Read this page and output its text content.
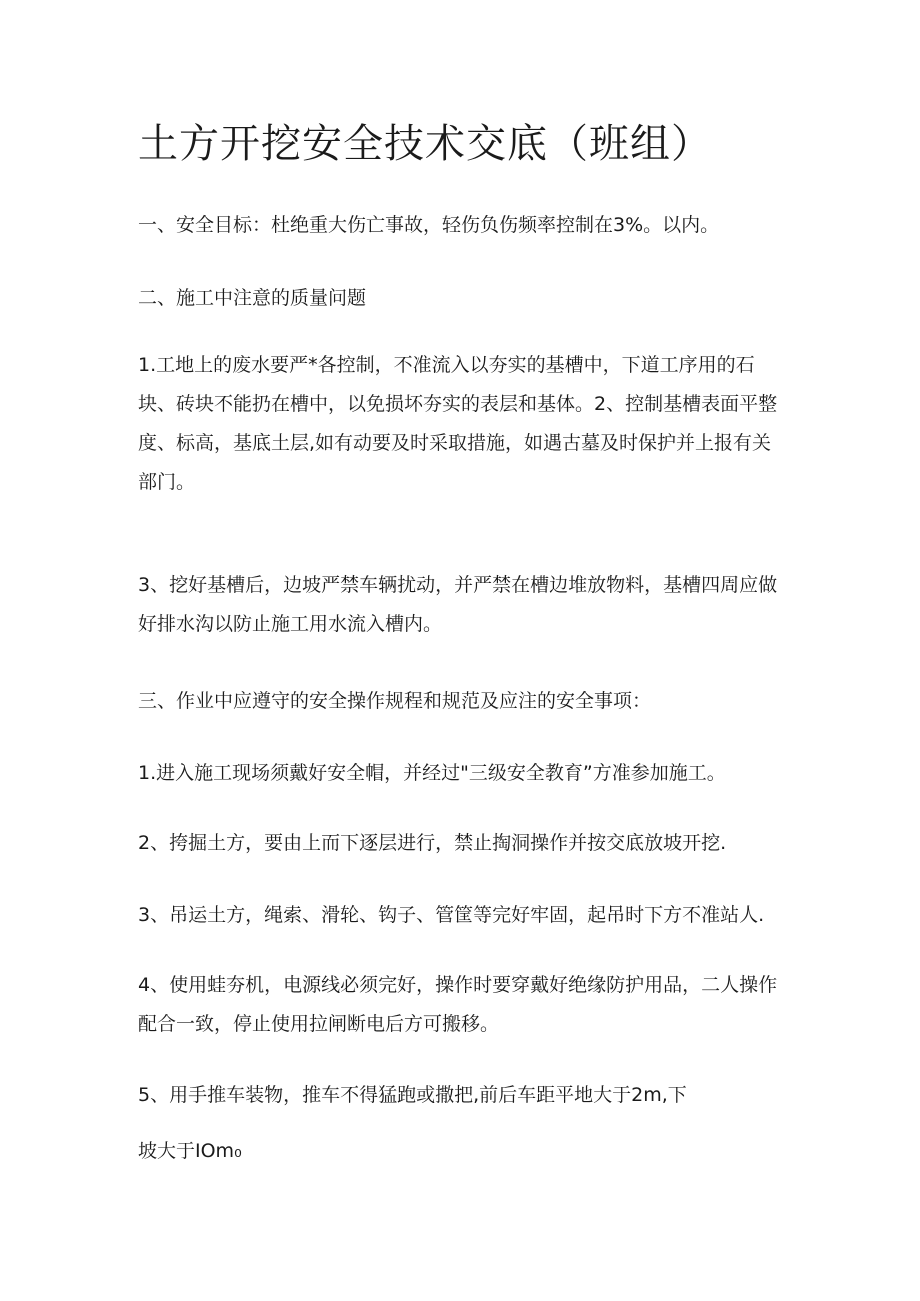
土方开挖安全技术交底（班组）

一、安全目标：杜绝重大伤亡事故，轻伤负伤频率控制在3%。以内。

二、施工中注意的质量问题

1.工地上的废水要严*各控制，不准流入以夯实的基槽中，下道工序用的石块、砖块不能扔在槽中，以免损坏夯实的表层和基体。2、控制基槽表面平整度、标高，基底土层,如有动要及时采取措施，如遇古墓及时保护并上报有关部门。

3、挖好基槽后，边坡严禁车辆扰动，并严禁在槽边堆放物料，基槽四周应做好排水沟以防止施工用水流入槽内。

三、作业中应遵守的安全操作规程和规范及应注的安全事项：

1.进入施工现场须戴好安全帽，并经过"三级安全教育”方准参加施工。

2、挎掘土方，要由上而下逐层进行，禁止掏洞操作并按交底放坡开挖.

3、吊运土方，绳索、滑轮、钩子、管筐等完好牢固，起吊时下方不准站人.

4、使用蛙夯机，电源线必须完好，操作时要穿戴好绝缘防护用品，二人操作配合一致，停止使用拉闸断电后方可搬移。

5、用手推车装物，推车不得猛跑或撒把,前后车距平地大于2m,下

坡大于IOm₀
